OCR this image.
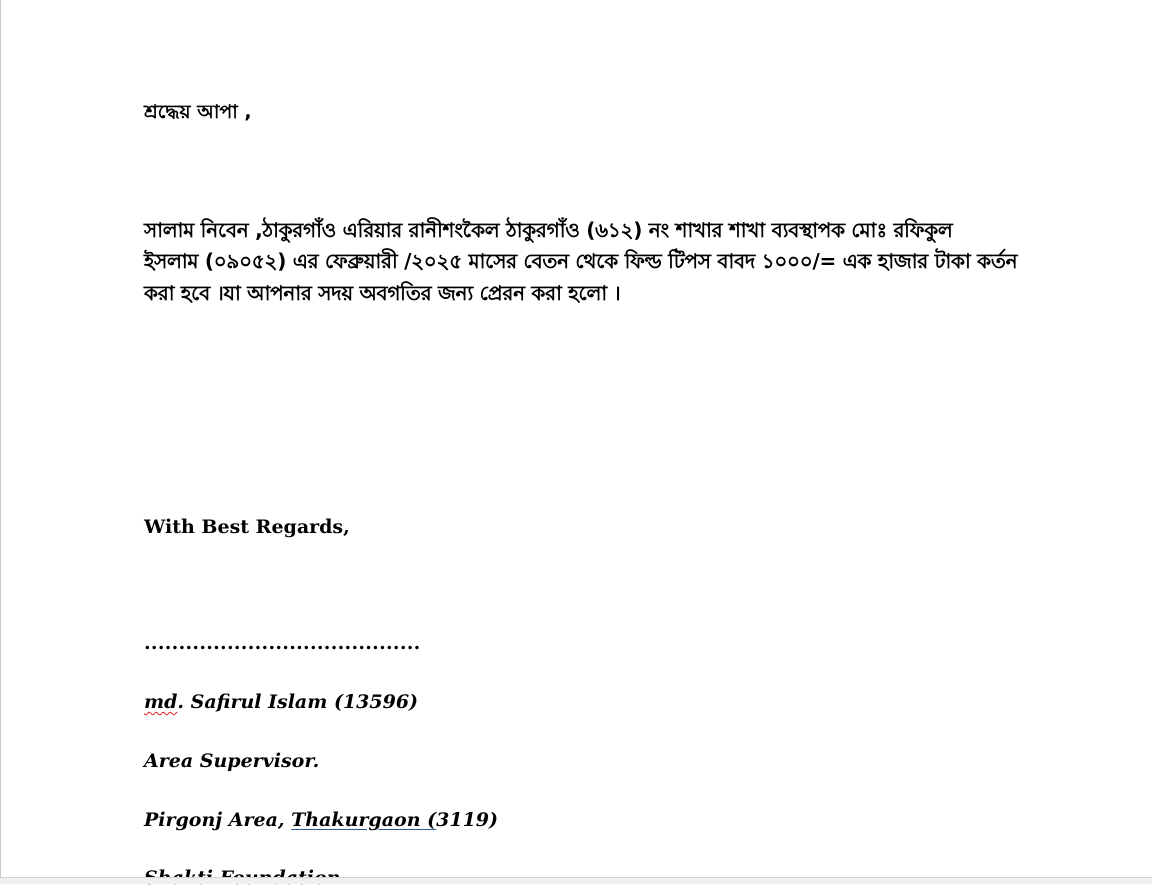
শ্রদ্ধেয় আপা ,
সালাম নিবেন ,ঠাকুরগাঁও এরিয়ার রানীশংকৈল ঠাকুরগাঁও (৬১২) নং শাখার শাখা ব্যবস্থাপক মোঃ রফিকুল
ইসলাম (০৯০৫২) এর ফেব্রুয়ারী /২০২৫ মাসের বেতন থেকে ফিল্ড টিপস বাবদ ১০০০/= এক হাজার টাকা কর্তন
করা হবে ।যা আপনার সদয় অবগতির জন্য প্রেরন করা হলো ।
With Best Regards,
........................................
md. Safirul Islam (13596)
Area Supervisor.
Pirgonj Area, Thakurgaon (3119)
